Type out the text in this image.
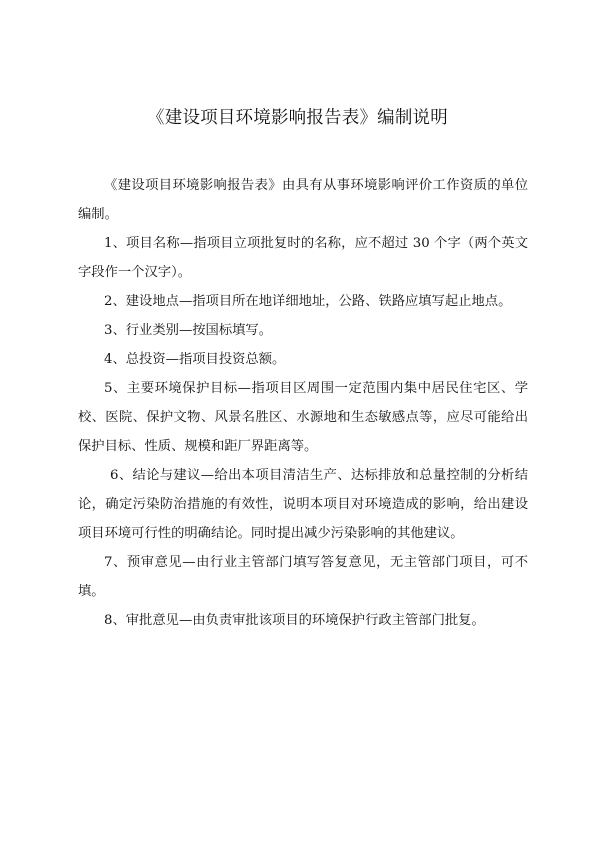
《建设项目环境影响报告表》编制说明

《建设项目环境影响报告表》由具有从事环境影响评价工作资质的单位编制。

1、项目名称—指项目立项批复时的名称，应不超过 30 个字（两个英文字段作一个汉字）。

2、建设地点—指项目所在地详细地址，公路、铁路应填写起止地点。

3、行业类别—按国标填写。

4、总投资—指项目投资总额。

5、主要环境保护目标—指项目区周围一定范围内集中居民住宅区、学校、医院、保护文物、风景名胜区、水源地和生态敏感点等，应尽可能给出保护目标、性质、规模和距厂界距离等。

6、结论与建议—给出本项目清洁生产、达标排放和总量控制的分析结论，确定污染防治措施的有效性，说明本项目对环境造成的影响，给出建设项目环境可行性的明确结论。同时提出减少污染影响的其他建议。

7、预审意见—由行业主管部门填写答复意见，无主管部门项目，可不填。

8、审批意见—由负责审批该项目的环境保护行政主管部门批复。
